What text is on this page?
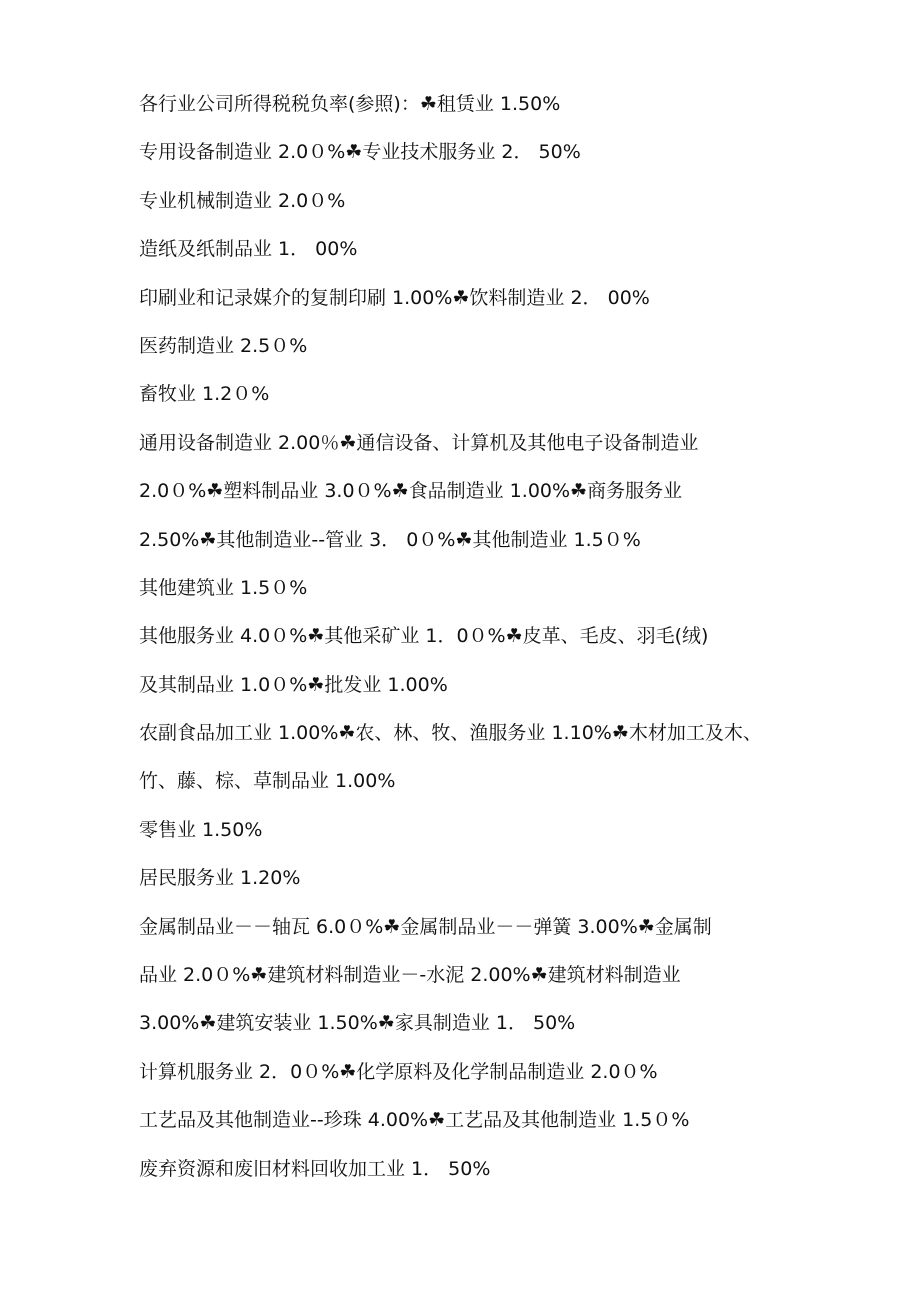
各行业公司所得税税负率(参照)：☘租赁业 1.50%
专用设备制造业 2.0０%☘专业技术服务业 2． 50%
专业机械制造业 2.0０%
造纸及纸制品业 1． 00%
印刷业和记录媒介的复制印刷 1.00%☘饮料制造业 2． 00%
医药制造业 2.5０%
畜牧业 1.2０%
通用设备制造业 2.00％☘通信设备、计算机及其他电子设备制造业
2.0０%☘塑料制品业 3.0０%☘食品制造业 1.00%☘商务服务业
2.50%☘其他制造业--管业 3． 0０%☘其他制造业 1.5０%
其他建筑业 1.5０%
其他服务业 4.0０%☘其他采矿业 1．0０%☘皮革、毛皮、羽毛(绒)
及其制品业 1.0０%☘批发业 1.00%
农副食品加工业 1.00%☘农、林、牧、渔服务业 1.10%☘木材加工及木、
竹、藤、棕、草制品业 1.00%
零售业 1.50%
居民服务业 1.20%
金属制品业－－轴瓦 6.0０%☘金属制品业－－弹簧 3.00%☘金属制
品业 2.0０%☘建筑材料制造业－-水泥 2.00%☘建筑材料制造业
3.00%☘建筑安装业 1.50%☘家具制造业 1． 50%
计算机服务业 2．0０%☘化学原料及化学制品制造业 2.0０%
工艺品及其他制造业--珍珠 4.00%☘工艺品及其他制造业 1.5０%
废弃资源和废旧材料回收加工业 1． 50%
